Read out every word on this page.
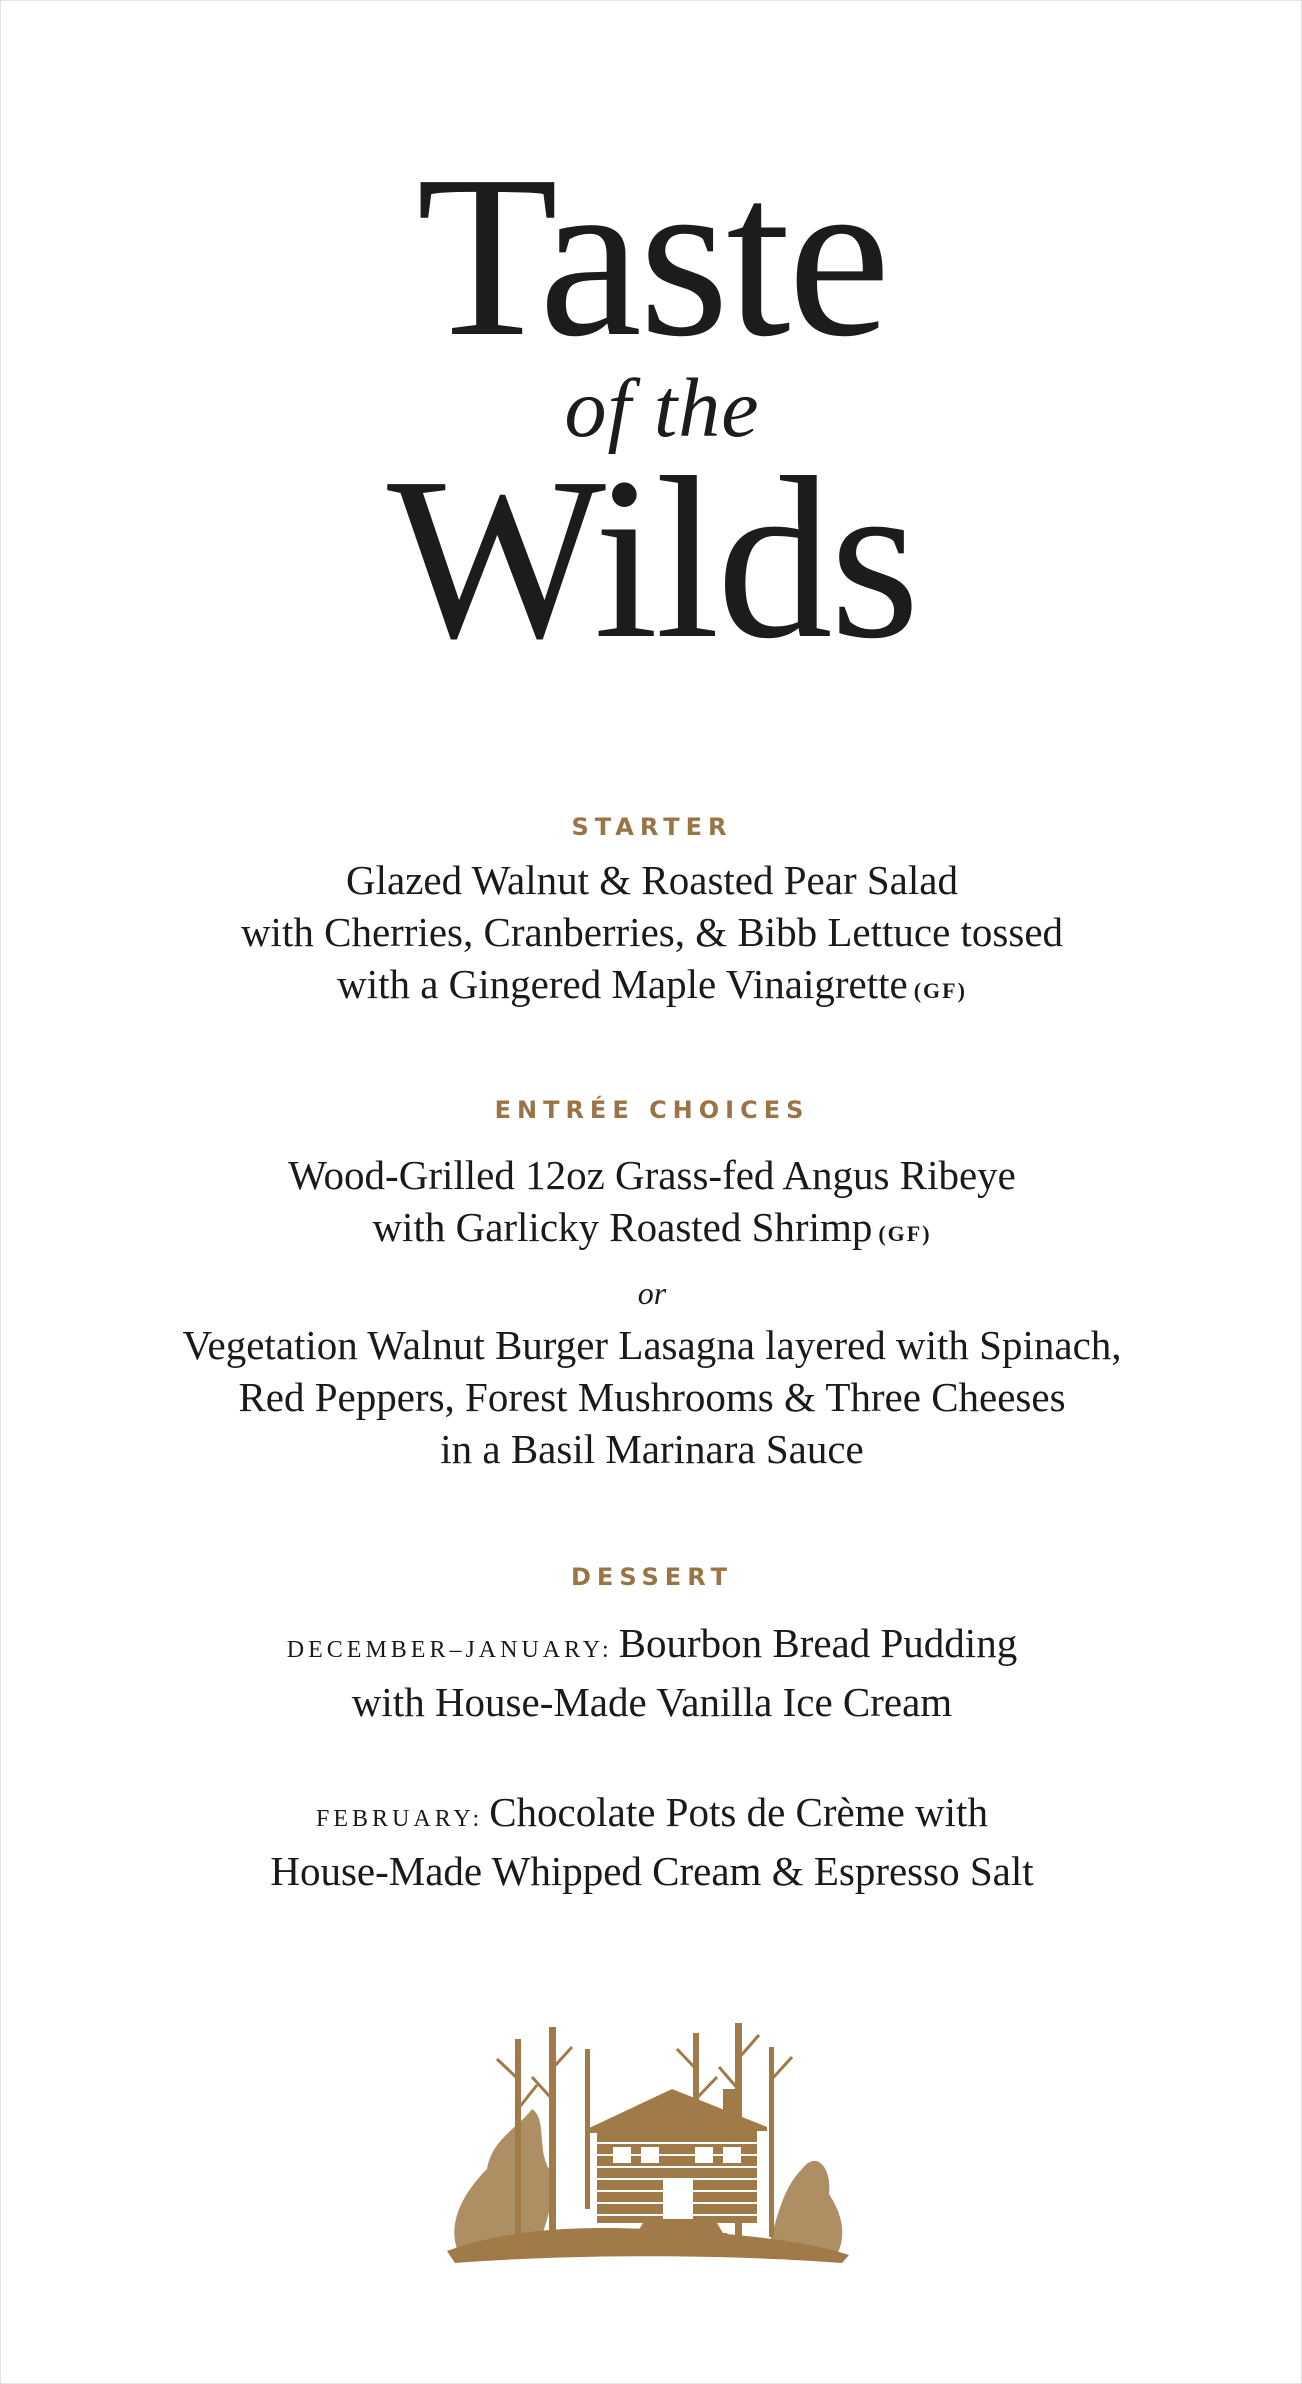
Taste
of the
Wilds
STARTER
Glazed Walnut & Roasted Pear Salad
with Cherries, Cranberries, & Bibb Lettuce tossed
with a Gingered Maple Vinaigrette (GF)
ENTRÉE CHOICES
Wood-Grilled 12oz Grass-fed Angus Ribeye
with Garlicky Roasted Shrimp (GF)
or
Vegetation Walnut Burger Lasagna layered with Spinach,
Red Peppers, Forest Mushrooms & Three Cheeses
in a Basil Marinara Sauce
DESSERT
DECEMBER–JANUARY: Bourbon Bread Pudding
with House-Made Vanilla Ice Cream
FEBRUARY: Chocolate Pots de Crème with
House-Made Whipped Cream & Espresso Salt
